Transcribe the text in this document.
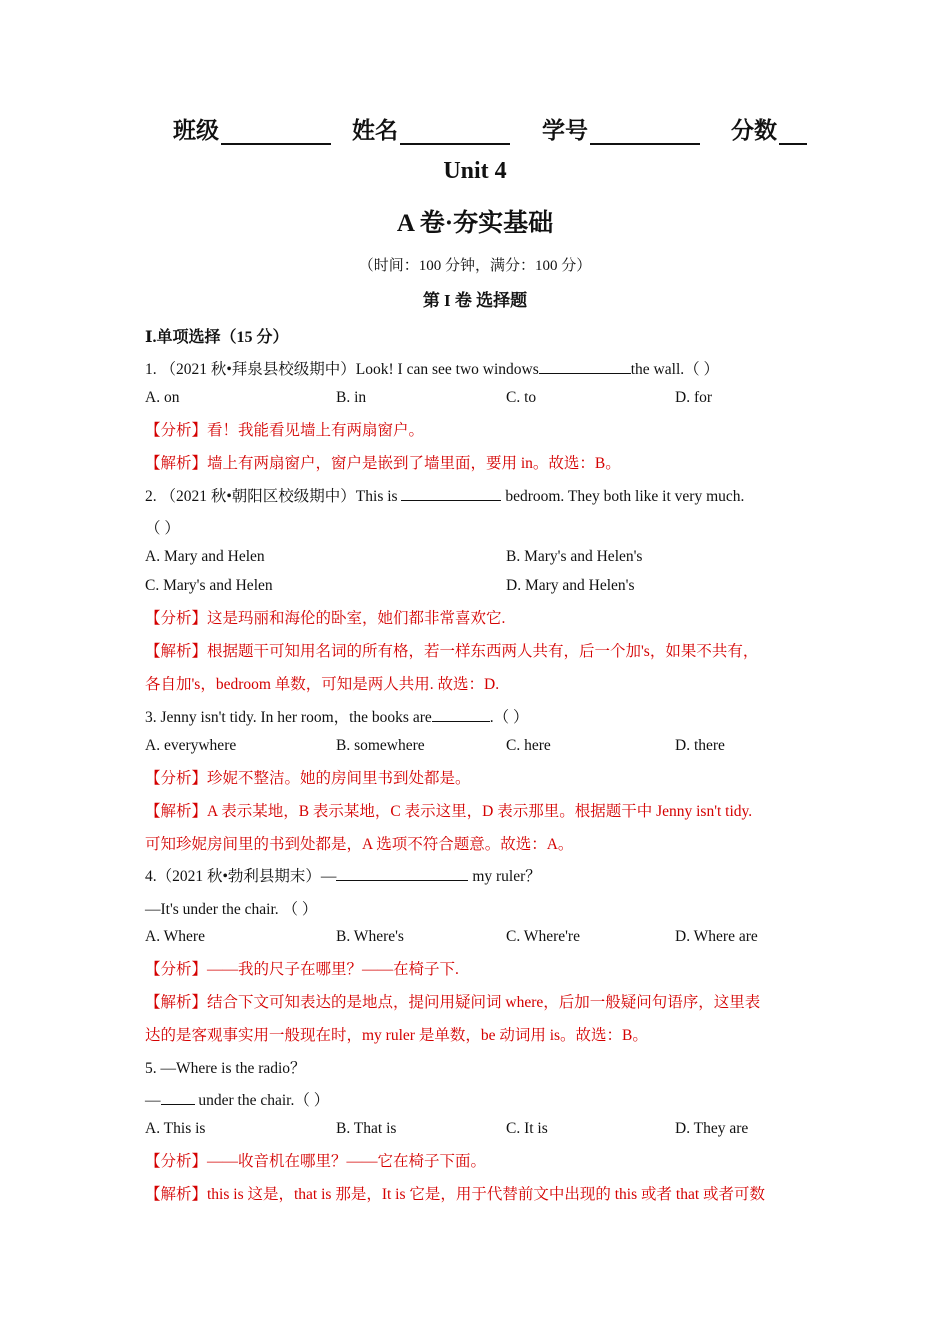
班级	姓名	学号	分数
Unit 4
A 卷·夯实基础
（时间：100 分钟，满分：100 分）
第 I 卷 选择题
Ⅰ.单项选择（15 分）
1. （2021 秋•拜泉县校级期中）Look! I can see two windows	the wall.（ ）
A. on	B. in	C. to	D. for
【分析】看！我能看见墙上有两扇窗户。
【解析】墙上有两扇窗户，窗户是嵌到了墙里面，要用 in。故选：B。
2. （2021 秋•朝阳区校级期中）This is	bedroom. They both like it very much.
（ ）
A. Mary and Helen	B. Mary's and Helen's
C. Mary's and Helen	D. Mary and Helen's
【分析】这是玛丽和海伦的卧室，她们都非常喜欢它.
【解析】根据题干可知用名词的所有格，若一样东西两人共有，后一个加's，如果不共有，
各自加's，bedroom 单数，可知是两人共用. 故选：D.
3. Jenny isn't tidy. In her room，the books are	.（ ）
A. everywhere	B. somewhere	C. here	D. there
【分析】珍妮不整洁。她的房间里书到处都是。
【解析】A 表示某地，B 表示某地，C 表示这里，D 表示那里。根据题干中 Jenny isn't tidy.
可知珍妮房间里的书到处都是，A 选项不符合题意。故选：A。
4.（2021 秋•勃利县期末）—	my ruler？
—It's under the chair. （ ）
A. Where	B. Where's	C. Where're	D. Where are
【分析】——我的尺子在哪里？——在椅子下.
【解析】结合下文可知表达的是地点，提问用疑问词 where，后加一般疑问句语序，这里表
达的是客观事实用一般现在时，my ruler 是单数，be 动词用 is。故选：B。
5. —Where is the radio？
— under the chair.（ ）
A. This is	B. That is	C. It is	D. They are
【分析】——收音机在哪里？——它在椅子下面。
【解析】this is 这是，that is 那是，It is 它是，用于代替前文中出现的 this 或者 that 或者可数
